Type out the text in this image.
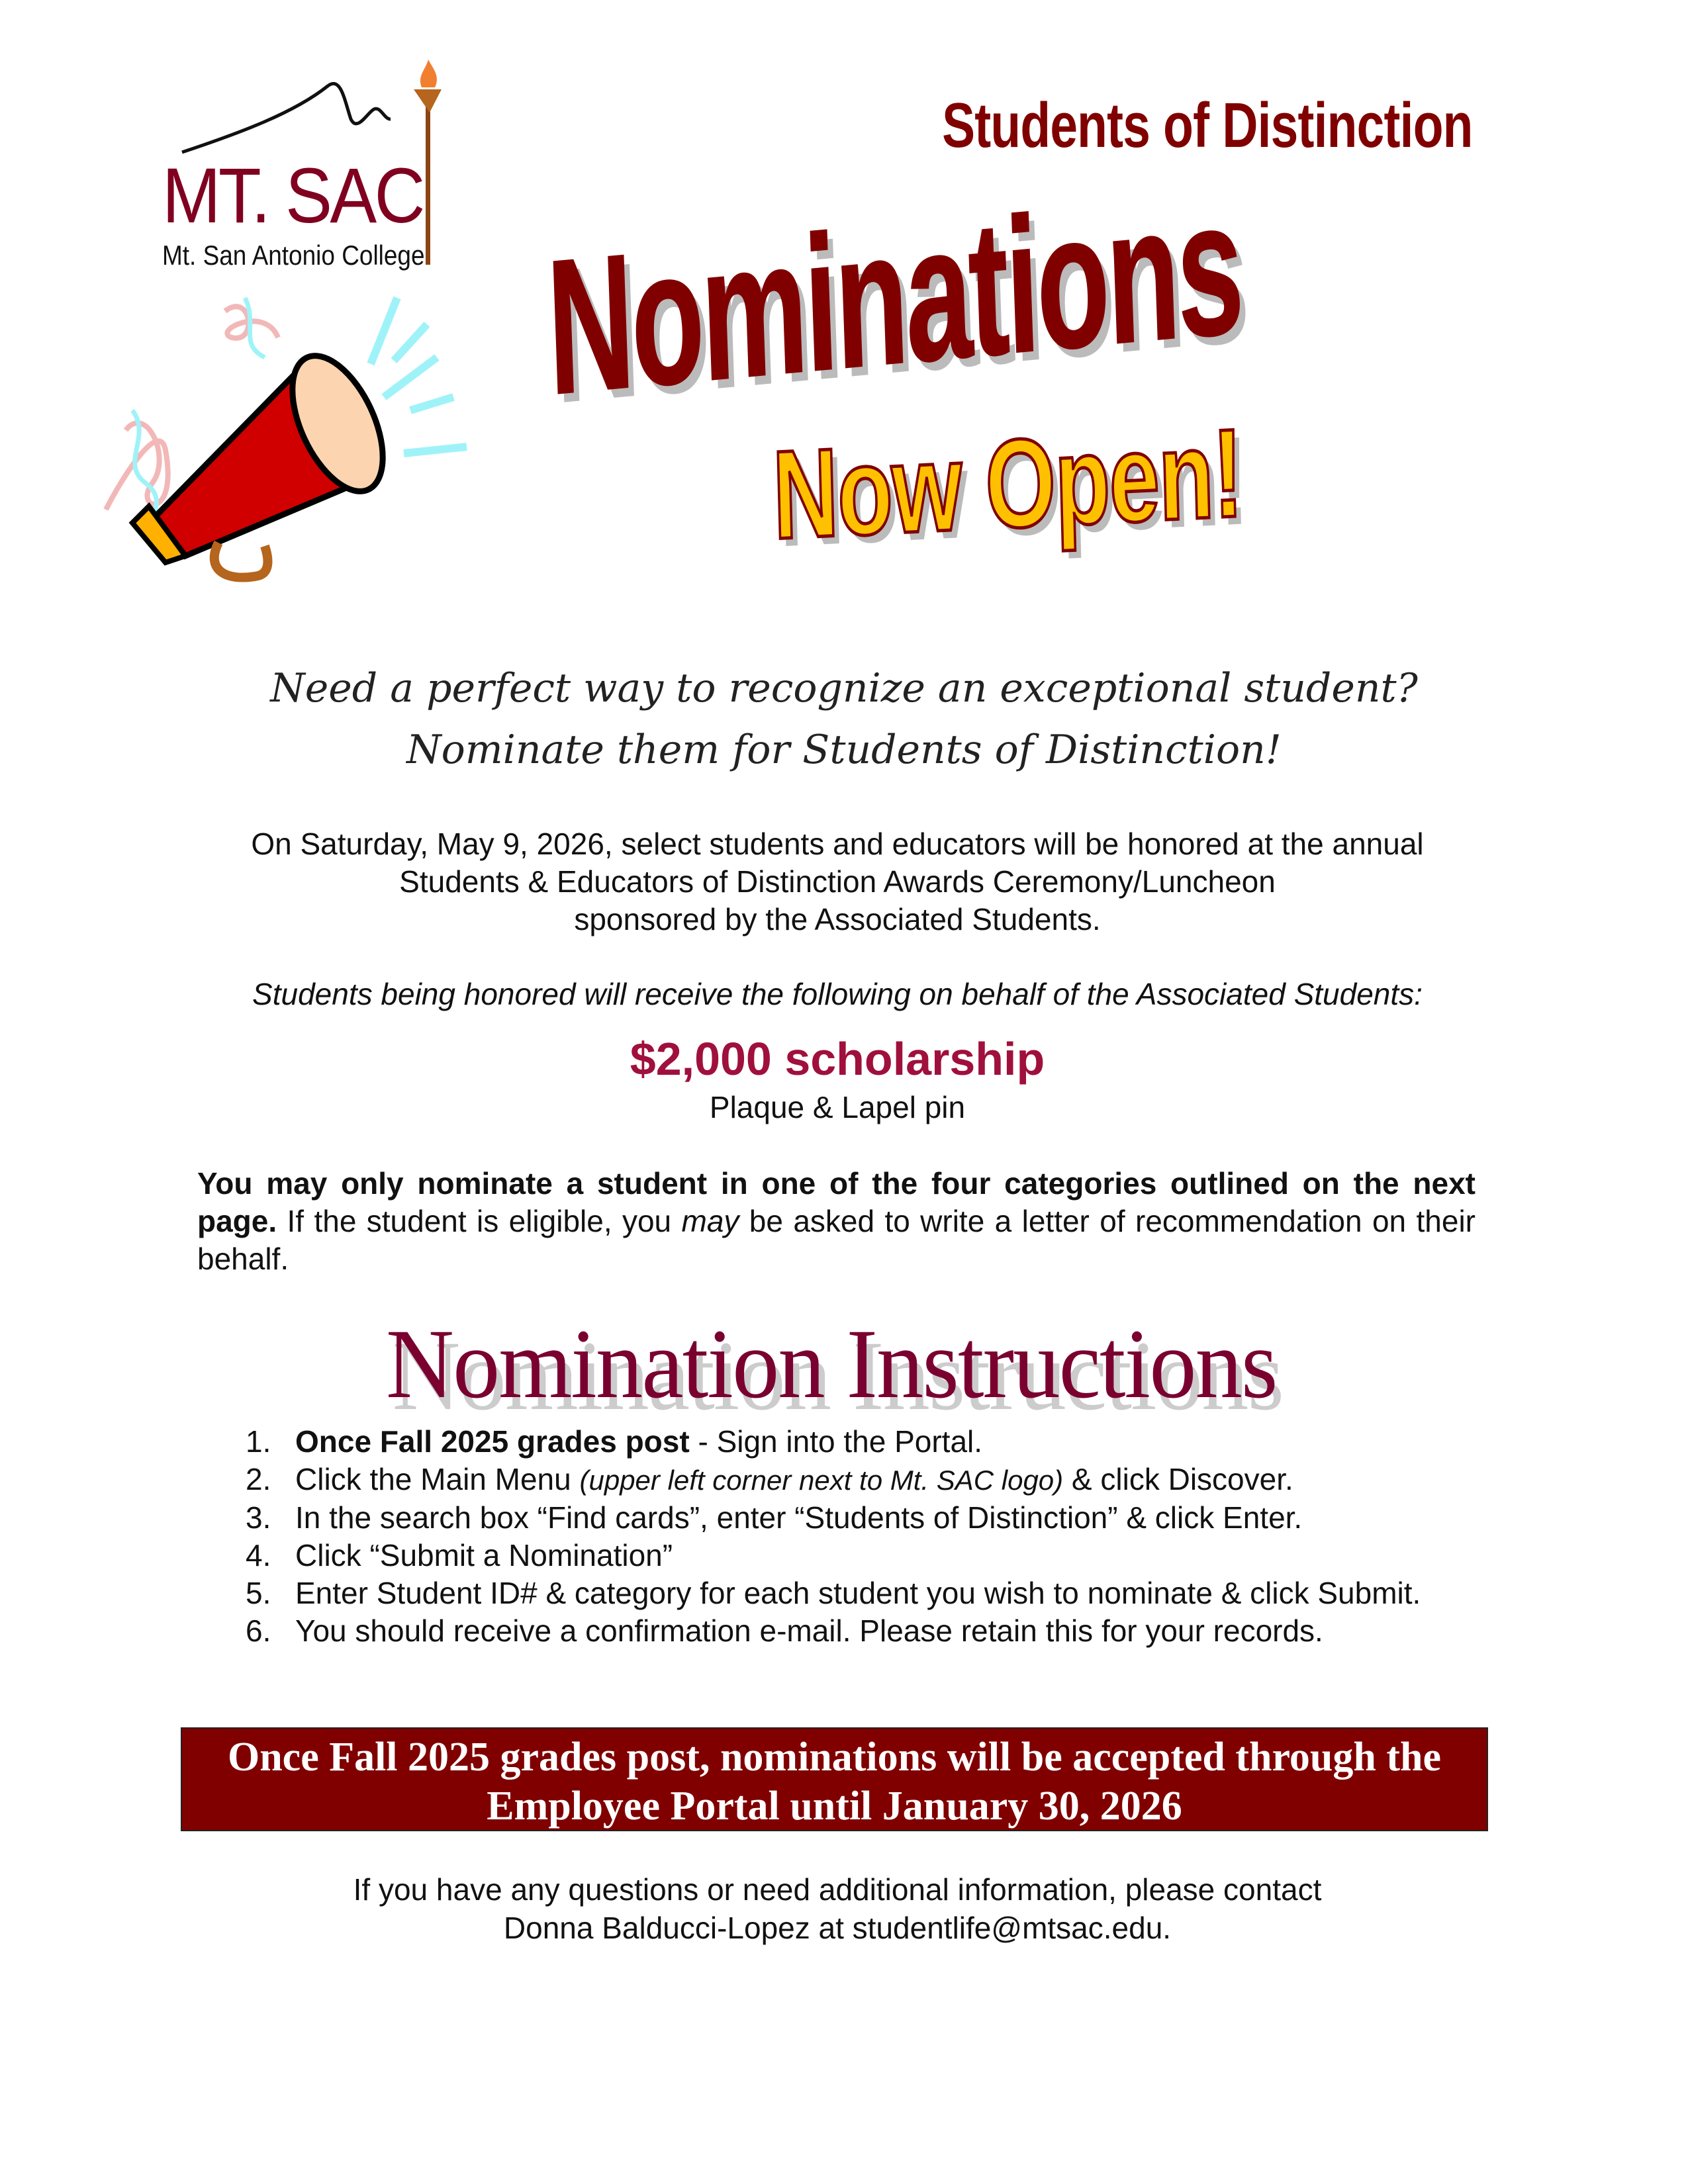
Students of Distinction
MT. SAC
Mt. San Antonio College Nominations
Now Open!
Need a perfect way to recognize an exceptional student?
Nominate them for Students of Distinction!
On Saturday, May 9, 2026, select students and educators will be honored at the annual
Students & Educators of Distinction Awards Ceremony/Luncheon
sponsored by the Associated Students.
Students being honored will receive the following on behalf of the Associated Students:
$2,000 scholarship
Plaque & Lapel pin
You may only nominate a student in one of the four categories outlined on the next page. If the student is eligible, you may be asked to write a letter of recommendation on their behalf.
Nomination Instructions
1. Once Fall 2025 grades post - Sign into the Portal.
2. Click the Main Menu (upper left corner next to Mt. SAC logo) & click Discover.
3. In the search box “Find cards”, enter “Students of Distinction” & click Enter.
4. Click “Submit a Nomination”
5. Enter Student ID# & category for each student you wish to nominate & click Submit.
6. You should receive a confirmation e-mail. Please retain this for your records.
Once Fall 2025 grades post, nominations will be accepted through the
Employee Portal until January 30, 2026
If you have any questions or need additional information, please contact
Donna Balducci-Lopez at studentlife@mtsac.edu.
